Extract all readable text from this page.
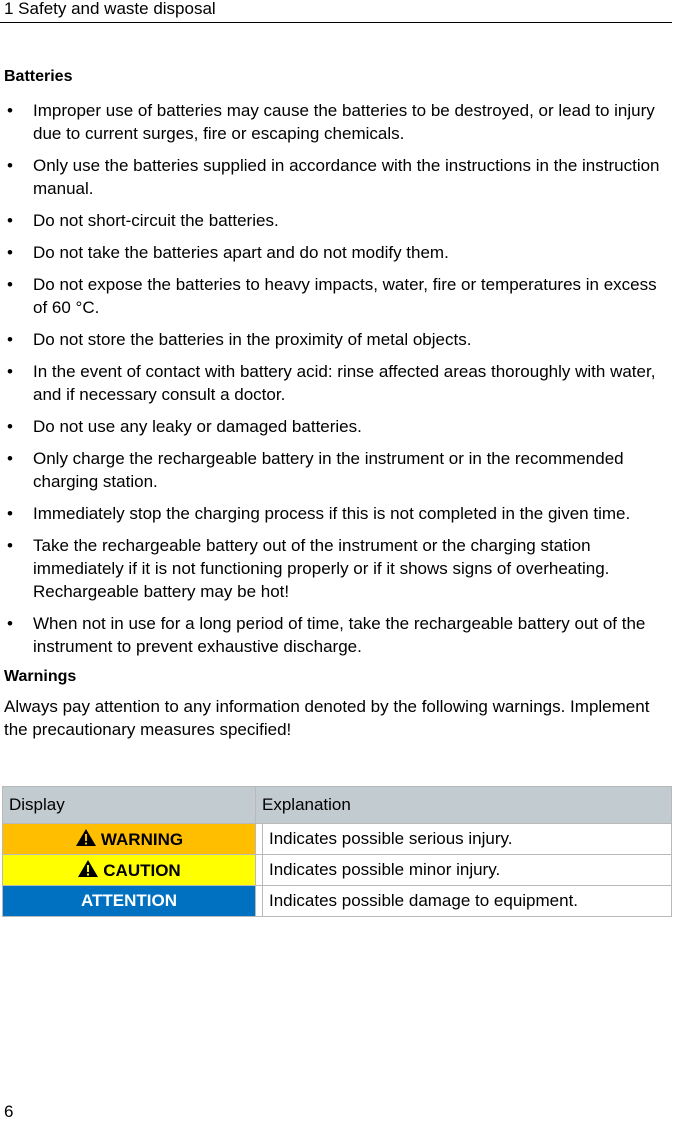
1 Safety and waste disposal
Batteries
• Improper use of batteries may cause the batteries to be destroyed, or lead to injury due to current surges, fire or escaping chemicals.
• Only use the batteries supplied in accordance with the instructions in the instruction manual.
• Do not short-circuit the batteries.
• Do not take the batteries apart and do not modify them.
• Do not expose the batteries to heavy impacts, water, fire or temperatures in excess of 60 °C.
• Do not store the batteries in the proximity of metal objects.
• In the event of contact with battery acid: rinse affected areas thoroughly with water, and if necessary consult a doctor.
• Do not use any leaky or damaged batteries.
• Only charge the rechargeable battery in the instrument or in the recommended charging station.
• Immediately stop the charging process if this is not completed in the given time.
• Take the rechargeable battery out of the instrument or the charging station immediately if it is not functioning properly or if it shows signs of overheating. Rechargeable battery may be hot!
• When not in use for a long period of time, take the rechargeable battery out of the instrument to prevent exhaustive discharge.
Warnings

Always pay attention to any information denoted by the following warnings. Implement the precautionary measures specified!

Display	Explanation	
WARNING		Indicates possible serious injury.
CAUTION		Indicates possible minor injury.
ATTENTION		Indicates possible damage to equipment.
6
